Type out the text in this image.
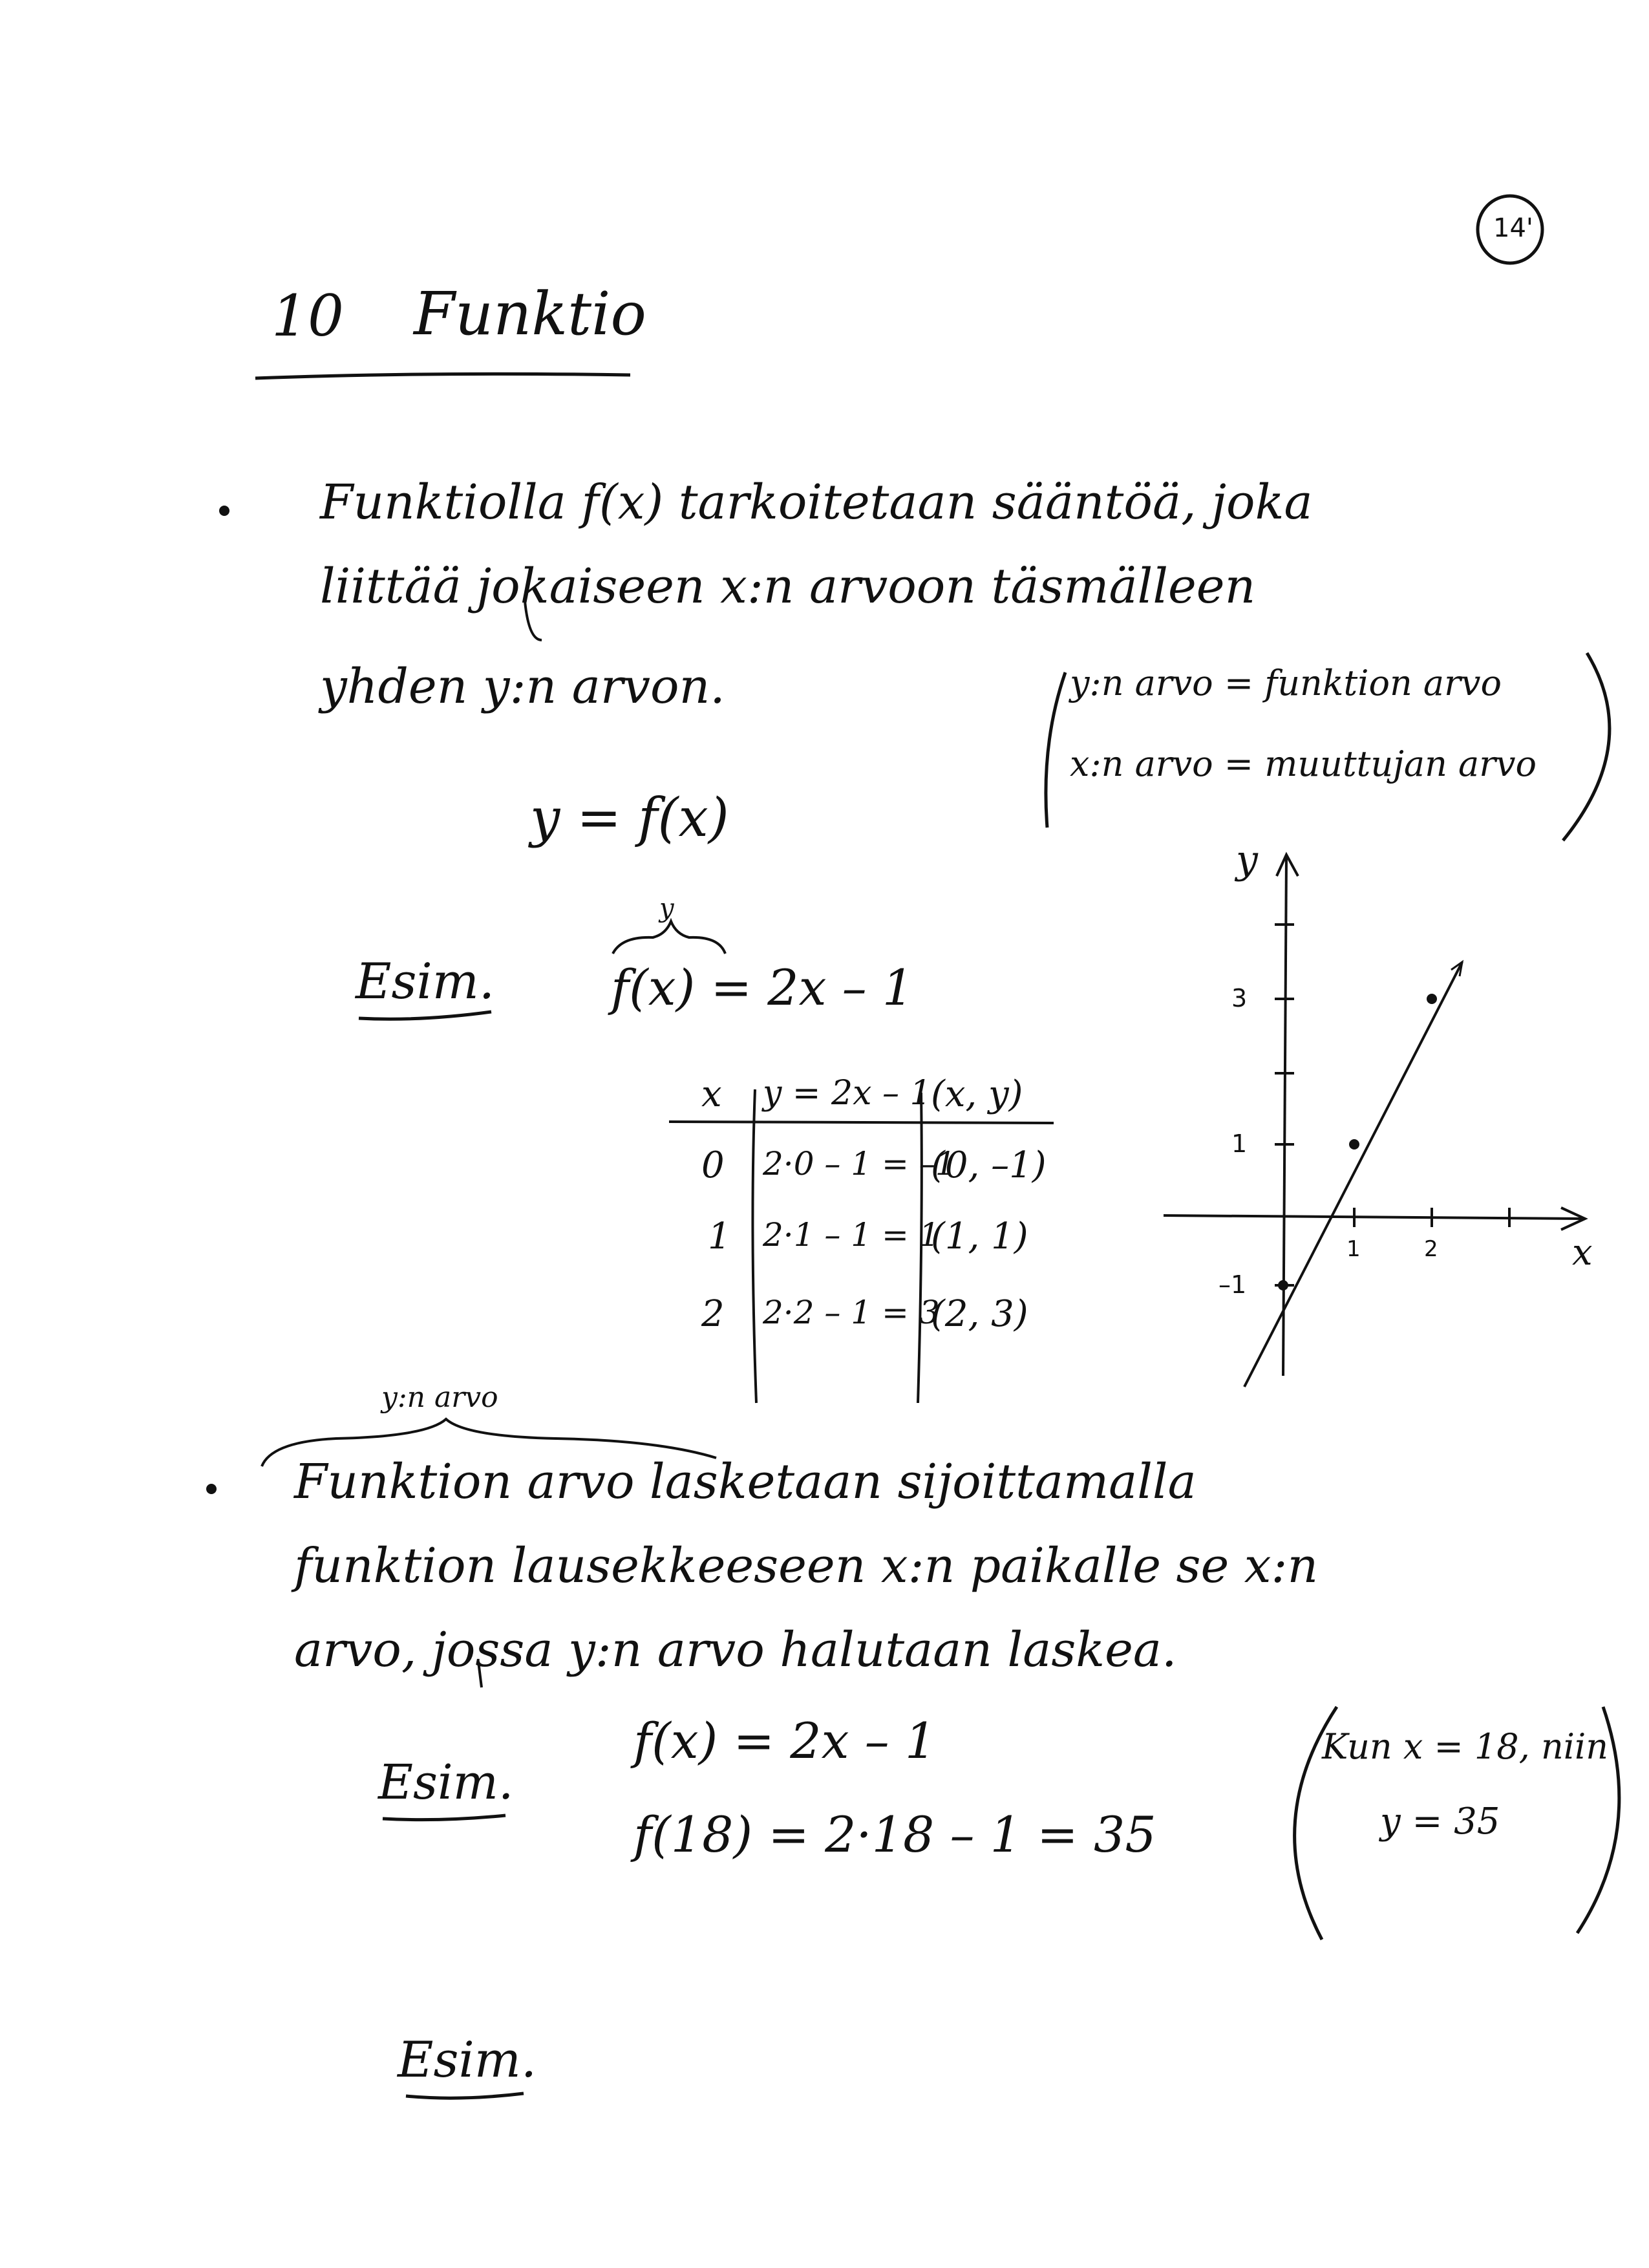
14'
10 Funktio
Funktiolla f(x) tarkoitetaan sääntöä, joka
liittää jokaiseen x:n arvoon täsmälleen
yhden y:n arvon.	y:n arvo = funktion arvo
x:n arvo = muuttujan arvo
y = f(x)
Esim.
y
f(x) = 2x – 1
x y = 2x – 1 (x, y)
0 2·0 – 1 = –1
(0, –1)
1 2·1 – 1 = 1
(1, 1)
2 2·2 – 1 = 3
(2, 3)
y
x
1	2
3
1
–1
y:n arvo
Funktion arvo lasketaan sijoittamalla
funktion lausekkeeseen x:n paikalle se x:n
arvo, jossa y:n arvo halutaan laskea.
Esim.
f(x) = 2x – 1
f(18) = 2·18 – 1 = 35
Kun x = 18, niin
y = 35
Esim.
